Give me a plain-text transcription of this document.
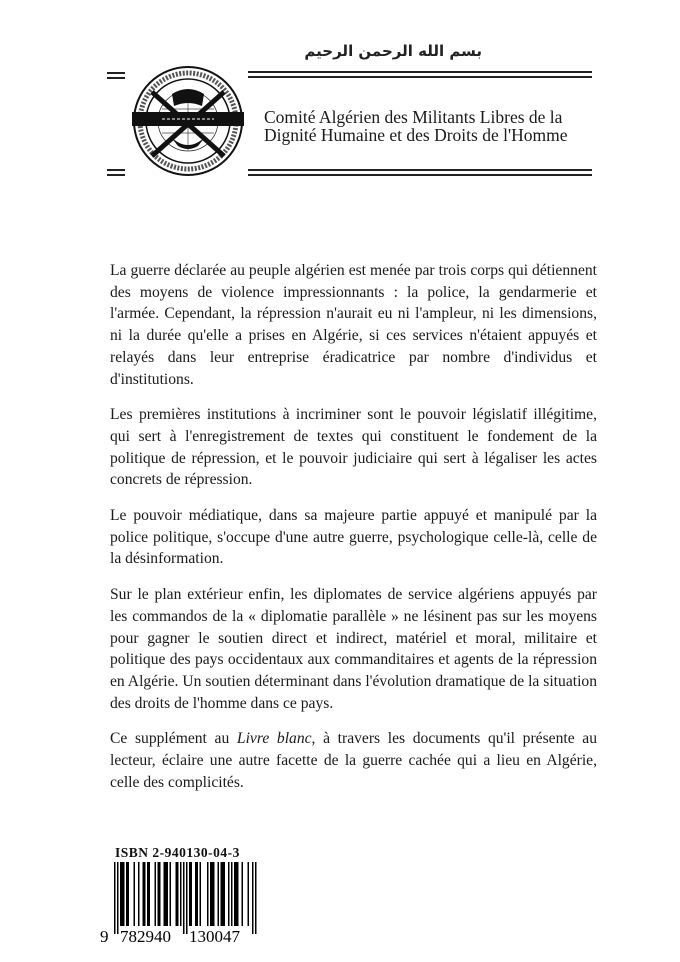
بسم الله الرحمن الرحيم
Comité Algérien des Militants Libres de la
Dignité Humaine et des Droits de l'Homme

La guerre déclarée au peuple algérien est menée par trois corps qui détiennent des moyens de violence impressionnants : la police, la gendarmerie et l'armée. Cependant, la répression n'aurait eu ni l'ampleur, ni les dimensions, ni la durée qu'elle a prises en Algérie, si ces services n'étaient appuyés et relayés dans leur entreprise éradicatrice par nombre d'individus et d'institutions.

Les premières institutions à incriminer sont le pouvoir législatif illégitime, qui sert à l'enregistrement de textes qui constituent le fondement de la politique de répression, et le pouvoir judiciaire qui sert à légaliser les actes concrets de répression.

Le pouvoir médiatique, dans sa majeure partie appuyé et manipulé par la police politique, s'occupe d'une autre guerre, psychologique celle-là, celle de la désinformation.

Sur le plan extérieur enfin, les diplomates de service algériens appuyés par les commandos de la « diplomatie parallèle » ne lésinent pas sur les moyens pour gagner le soutien direct et indirect, matériel et moral, militaire et politique des pays occidentaux aux commanditaires et agents de la répression en Algérie. Un soutien déterminant dans l'évolution dramatique de la situation des droits de l'homme dans ce pays.

Ce supplément au Livre blanc, à travers les documents qu'il présente au lecteur, éclaire une autre facette de la guerre cachée qui a lieu en Algérie, celle des complicités.

ISBN 2-940130-04-3
9 782940 130047
